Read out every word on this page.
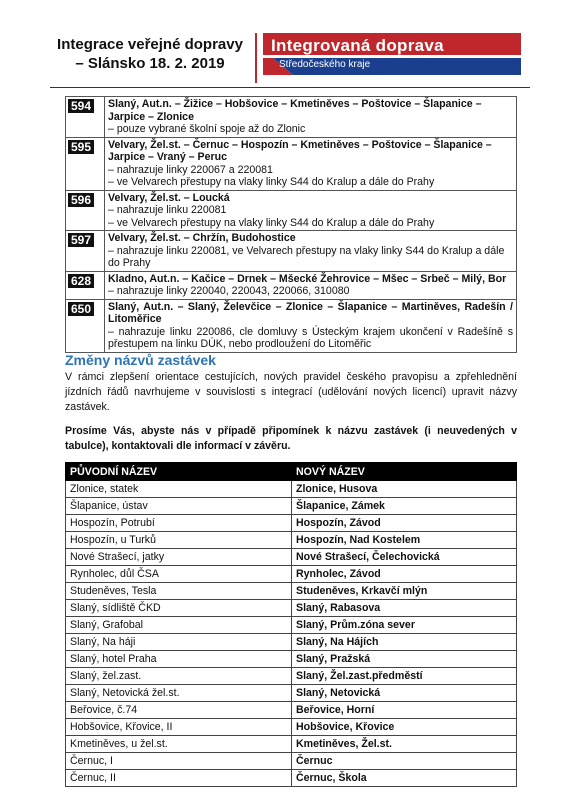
Integrace veřejné dopravy
– Slánsko 18. 2. 2019
Integrovaná doprava
Středočeského kraje
594	Slaný, Aut.n. – Žižice – Hobšovice – Kmetiněves – Poštovice – Šlapanice – Jarpice – Zlonice
– pouze vybrané školní spoje až do Zlonic

595	Velvary, Žel.st. – Černuc – Hospozín – Kmetiněves – Poštovice – Šlapanice – Jarpice – Vraný – Peruc
– nahrazuje linky 220067 a 220081
– ve Velvarech přestupy na vlaky linky S44 do Kralup a dále do Prahy

596	Velvary, Žel.st. – Loucká
– nahrazuje linku 220081
– ve Velvarech přestupy na vlaky linky S44 do Kralup a dále do Prahy

597	Velvary, Žel.st. – Chržín, Budohostice
– nahrazuje linku 220081, ve Velvarech přestupy na vlaky linky S44 do Kralup a dále do Prahy

628	Kladno, Aut.n. – Kačice – Drnek – Mšecké Žehrovice – Mšec – Srbeč – Milý, Bor
– nahrazuje linky 220040, 220043, 220066, 310080

650	Slaný, Aut.n. – Slaný, Želevčice – Zlonice – Šlapanice – Martiněves, Radešín / Litoměřice
– nahrazuje linku 220086, cle domluvy s Ústeckým krajem ukončení v Radešíně s přestupem na linku DÚK, nebo prodloužení do Litoměřic
Změny názvů zastávek
V rámci zlepšení orientace cestujících, nových pravidel českého pravopisu a zpřehlednění jízdních řádů navrhujeme v souvislosti s integrací (udělování nových licencí) upravit názvy zastávek.
Prosíme Vás, abyste nás v případě připomínek k názvu zastávek (i neuvedených v tabulce), kontaktovali dle informací v závěru.
PŮVODNÍ NÁZEV	NOVÝ NÁZEV
Zlonice, statek	Zlonice, Husova
Šlapanice, ústav	Šlapanice, Zámek
Hospozín, Potrubí	Hospozín, Závod
Hospozín, u Turků	Hospozín, Nad Kostelem
Nové Strašecí, jatky	Nové Strašecí, Čelechovická
Rynholec, důl ČSA	Rynholec, Závod
Studeněves, Tesla	Studeněves, Krkavčí mlýn
Slaný, sídliště ČKD	Slaný, Rabasova
Slaný, Grafobal	Slaný, Prům.zóna sever
Slaný, Na háji	Slaný, Na Hájích
Slaný, hotel Praha	Slaný, Pražská
Slaný, žel.zast.	Slaný, Žel.zast.předměstí
Slaný, Netovická žel.st.	Slaný, Netovická
Beřovice, č.74	Beřovice, Horní
Hobšovice, Křovice, II	Hobšovice, Křovice
Kmetiněves, u žel.st.	Kmetiněves, Žel.st.
Černuc, I	Černuc
Černuc, II	Černuc, Škola
